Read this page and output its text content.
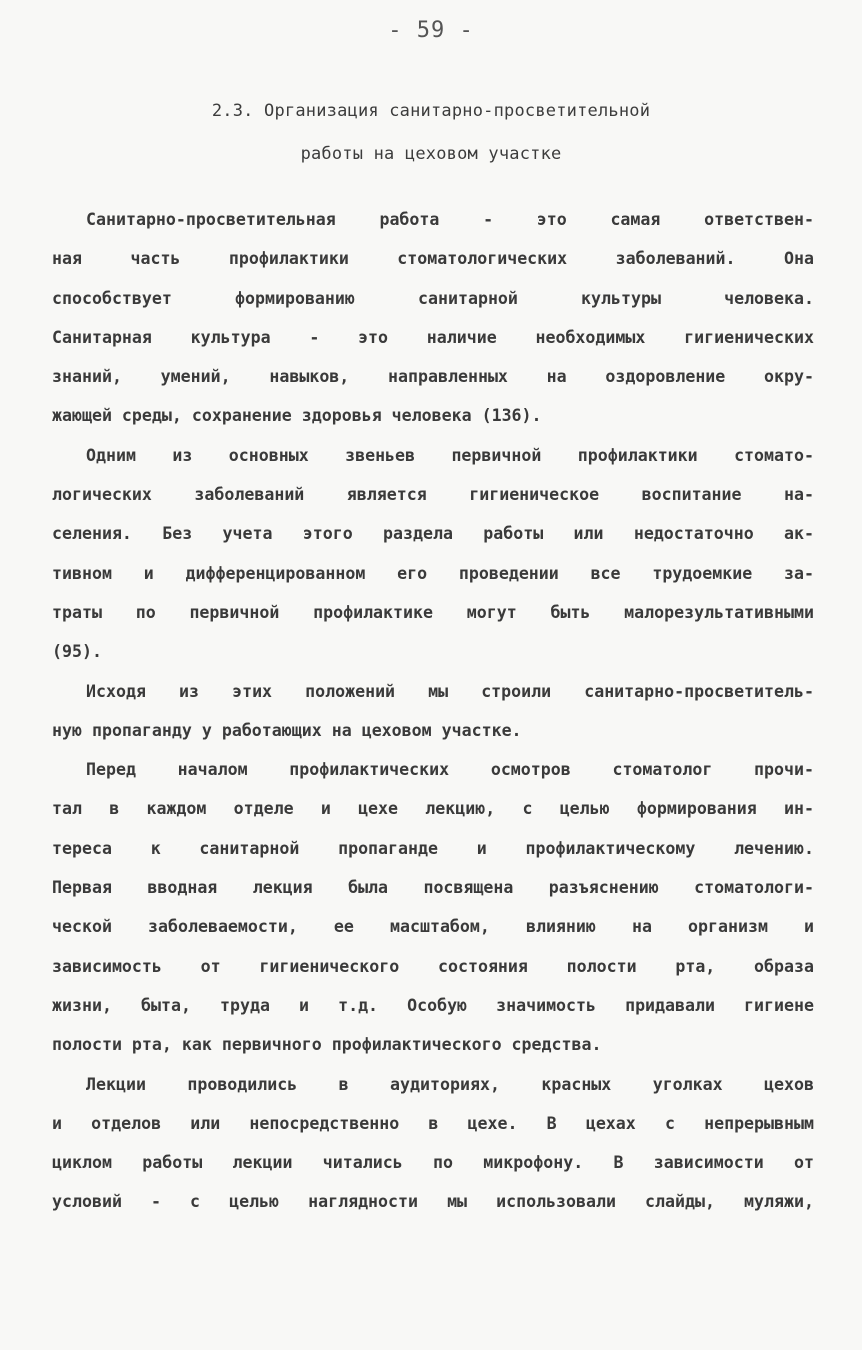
- 59 -
2.3. Организация санитарно-просветительной
работы на цеховом участке
Санитарно-просветительная работа - это самая ответствен-
ная часть профилактики стоматологических заболеваний. Она
способствует формированию санитарной культуры человека.
Санитарная культура - это наличие необходимых гигиенических
знаний, умений, навыков, направленных на оздоровление окру-
жающей среды, сохранение здоровья человека (136).
Одним из основных звеньев первичной профилактики стомато-
логических заболеваний является гигиеническое воспитание на-
селения. Без учета этого раздела работы или недостаточно ак-
тивном и дифференцированном его проведении все трудоемкие за-
траты по первичной профилактике могут быть малорезультативными
(95).
Исходя из этих положений мы строили санитарно-просветитель-
ную пропаганду у работающих на цеховом участке.
Перед началом профилактических осмотров стоматолог прочи-
тал в каждом отделе и цехе лекцию, с целью формирования ин-
тереса к санитарной пропаганде и профилактическому лечению.
Первая вводная лекция была посвящена разъяснению стоматологи-
ческой заболеваемости, ее масштабом, влиянию на организм и
зависимость от гигиенического состояния полости рта, образа
жизни, быта, труда и т.д. Особую значимость придавали гигиене
полости рта, как первичного профилактического средства.
Лекции проводились в аудиториях, красных уголках цехов
и отделов или непосредственно в цехе. В цехах с непрерывным
циклом работы лекции читались по микрофону. В зависимости от
условий - с целью наглядности мы использовали слайды, муляжи,
